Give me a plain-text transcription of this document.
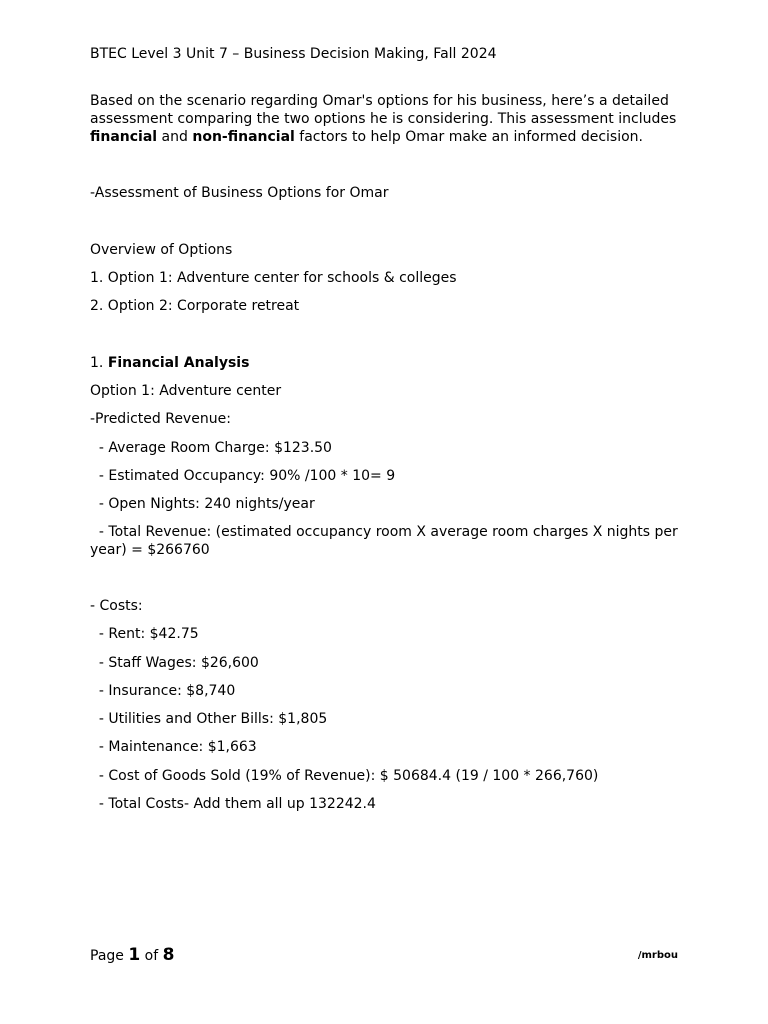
BTEC Level 3 Unit 7 – Business Decision Making, Fall 2024
Based on the scenario regarding Omar's options for his business, here’s a detailed
assessment comparing the two options he is considering. This assessment includes
financial and non-financial factors to help Omar make an informed decision.
-Assessment of Business Options for Omar
Overview of Options
1. Option 1: Adventure center for schools & colleges
2. Option 2: Corporate retreat
1. Financial Analysis
Option 1: Adventure center
-Predicted Revenue:
- Average Room Charge: $123.50
- Estimated Occupancy: 90% /100 * 10= 9
- Open Nights: 240 nights/year
- Total Revenue: (estimated occupancy room X average room charges X nights per
year) = $266760
- Costs:
- Rent: $42.75
- Staff Wages: $26,600
- Insurance: $8,740
- Utilities and Other Bills: $1,805
- Maintenance: $1,663
- Cost of Goods Sold (19% of Revenue): $ 50684.4 (19 / 100 * 266,760)
- Total Costs- Add them all up 132242.4
Page 1 of 8	/mrbou
